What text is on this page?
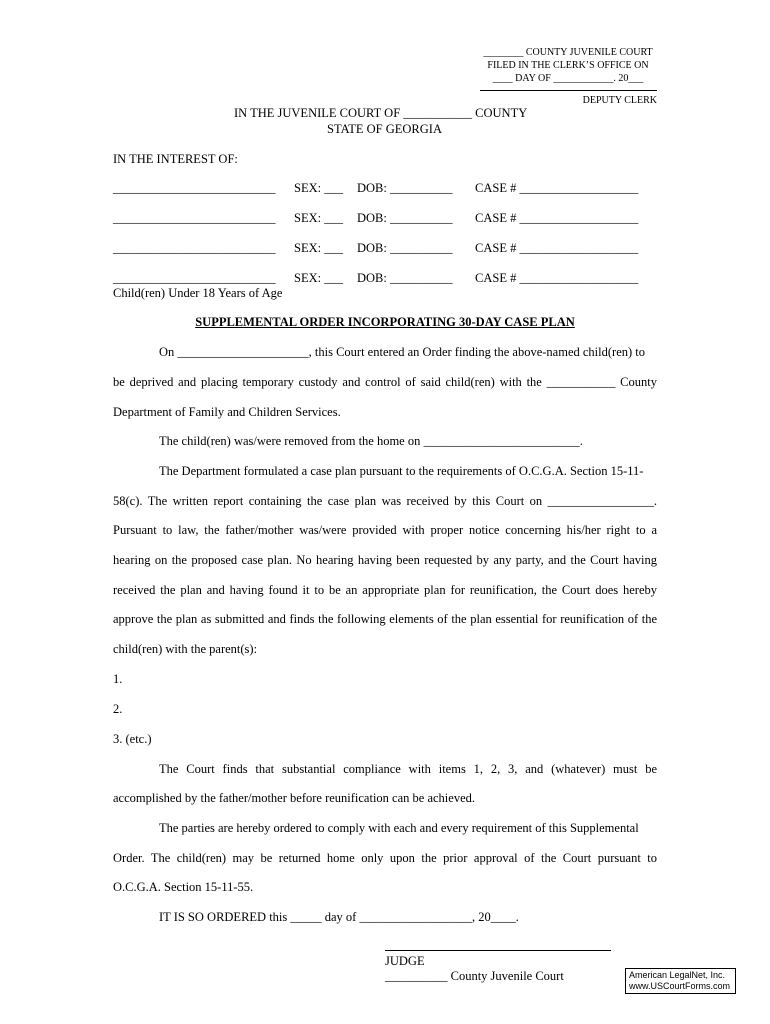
________ COUNTY JUVENILE COURT
FILED IN THE CLERK’S OFFICE ON
____ DAY OF ____________. 20___
DEPUTY CLERK
IN THE JUVENILE COURT OF ___________ COUNTY
STATE OF GEORGIA
IN THE INTEREST OF:
__________________________ SEX: ___ DOB: __________ CASE # ___________________
__________________________ SEX: ___ DOB: __________ CASE # ___________________
__________________________ SEX: ___ DOB: __________ CASE # ___________________
__________________________ SEX: ___ DOB: __________ CASE # ___________________
Child(ren) Under 18 Years of Age
SUPPLEMENTAL ORDER INCORPORATING 30-DAY CASE PLAN
On _____________________, this Court entered an Order finding the above-named child(ren) to
be deprived and placing temporary custody and control of said child(ren) with the ___________ County
Department of Family and Children Services.
The child(ren) was/were removed from the home on _________________________.
The Department formulated a case plan pursuant to the requirements of O.C.G.A. Section 15-11-
58(c). The written report containing the case plan was received by this Court on _________________.
Pursuant to law, the father/mother was/were provided with proper notice concerning his/her right to a
hearing on the proposed case plan. No hearing having been requested by any party, and the Court having
received the plan and having found it to be an appropriate plan for reunification, the Court does hereby
approve the plan as submitted and finds the following elements of the plan essential for reunification of the
child(ren) with the parent(s):
1.
2.
3. (etc.)
The Court finds that substantial compliance with items 1, 2, 3, and (whatever) must be
accomplished by the father/mother before reunification can be achieved.
The parties are hereby ordered to comply with each and every requirement of this Supplemental
Order. The child(ren) may be returned home only upon the prior approval of the Court pursuant to
O.C.G.A. Section 15-11-55.
IT IS SO ORDERED this _____ day of __________________, 20____.
JUDGE
__________ County Juvenile Court	American LegalNet, Inc.
www.USCourtForms.com
